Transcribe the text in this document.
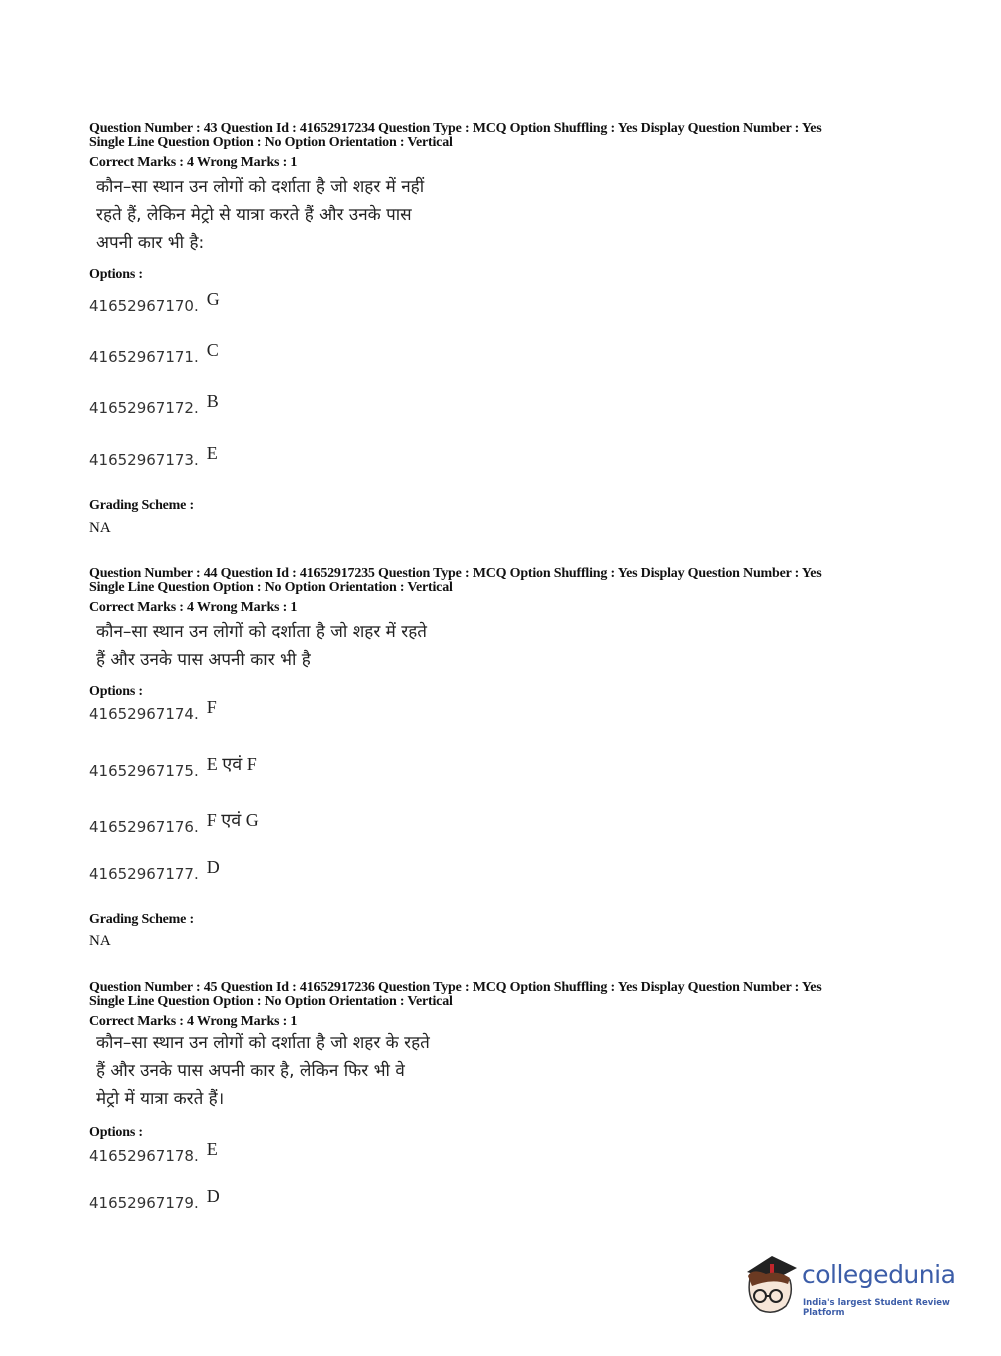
Question Number : 43 Question Id : 41652917234 Question Type : MCQ Option Shuffling : Yes Display Question Number : Yes
Single Line Question Option : No Option Orientation : Vertical
Correct Marks : 4 Wrong Marks : 1
कौन–सा स्थान उन लोगों को दर्शाता है जो शहर में नहीं
रहते हैं, लेकिन मेट्रो से यात्रा करते हैं और उनके पास
अपनी कार भी है:
Options :
41652967170. G
41652967171. C
41652967172. B
41652967173. E
Grading Scheme :
NA
Question Number : 44 Question Id : 41652917235 Question Type : MCQ Option Shuffling : Yes Display Question Number : Yes
Single Line Question Option : No Option Orientation : Vertical
Correct Marks : 4 Wrong Marks : 1
कौन–सा स्थान उन लोगों को दर्शाता है जो शहर में रहते
हैं और उनके पास अपनी कार भी है
Options :
41652967174. F
41652967175. E एवं F
41652967176. F एवं G
41652967177. D
Grading Scheme :
NA
Question Number : 45 Question Id : 41652917236 Question Type : MCQ Option Shuffling : Yes Display Question Number : Yes
Single Line Question Option : No Option Orientation : Vertical
Correct Marks : 4 Wrong Marks : 1
कौन–सा स्थान उन लोगों को दर्शाता है जो शहर के रहते
हैं और उनके पास अपनी कार है, लेकिन फिर भी वे
मेट्रो में यात्रा करते हैं।
Options :
41652967178. E
41652967179. D
collegedunia
India's largest Student Review Platform
